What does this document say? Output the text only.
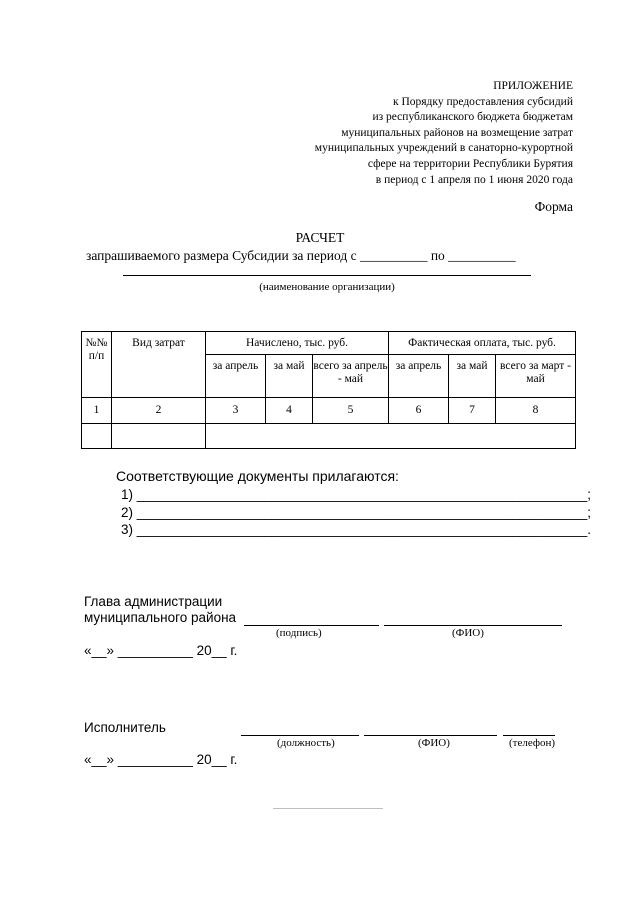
ПРИЛОЖЕНИЕ
к Порядку предоставления субсидий
из республиканского бюджета бюджетам
муниципальных районов на возмещение затрат
муниципальных учреждений в санаторно-курортной
сфере на территории Республики Бурятия
в период с 1 апреля по 1 июня 2020 года
Форма
РАСЧЕТ
запрашиваемого размера Субсидии за период с __________ по __________
(наименование организации)
№№ п/п	Вид затрат	Начислено, тыс. руб.			Фактическая оплата, тыс. руб.		
		за апрель	за май	всего за апрель - май	за апрель	за май	всего за март - май
1	2	3	4	5	6	7	8

Соответствующие документы прилагаются:
1) ____________________________________________________________;
2) ____________________________________________________________;
3) ____________________________________________________________.
Глава администрации
муниципального района
(подпись)	(ФИО)
«__» __________ 20__ г.
Исполнитель
(должность)	(ФИО)	(телефон)
«__» __________ 20__ г.
